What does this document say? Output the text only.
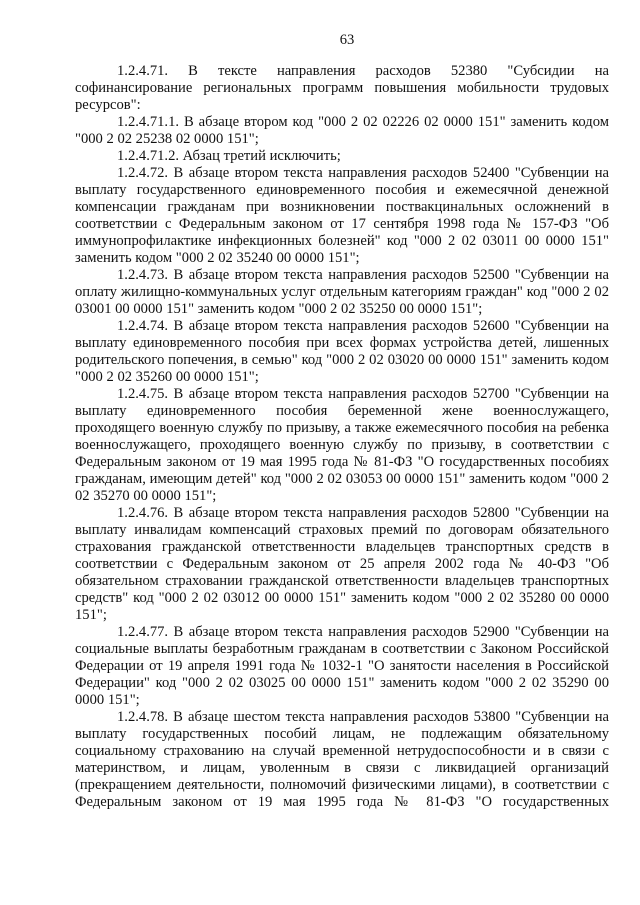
63

1.2.4.71. В тексте направления расходов 52380 "Субсидии на софинансирование региональных программ повышения мобильности трудовых ресурсов":

1.2.4.71.1. В абзаце втором код "000 2 02 02226 02 0000 151" заменить кодом "000 2 02 25238 02 0000 151";

1.2.4.71.2. Абзац третий исключить;

1.2.4.72. В абзаце втором текста направления расходов 52400 "Субвенции на выплату государственного единовременного пособия и ежемесячной денежной компенсации гражданам при возникновении поствакцинальных осложнений в соответствии с Федеральным законом от 17 сентября 1998 года № 157-ФЗ "Об иммунопрофилактике инфекционных болезней" код "000 2 02 03011 00 0000 151" заменить кодом "000 2 02 35240 00 0000 151";

1.2.4.73. В абзаце втором текста направления расходов 52500 "Субвенции на оплату жилищно-коммунальных услуг отдельным категориям граждан" код "000 2 02 03001 00 0000 151" заменить кодом "000 2 02 35250 00 0000 151";

1.2.4.74. В абзаце втором текста направления расходов 52600 "Субвенции на выплату единовременного пособия при всех формах устройства детей, лишенных родительского попечения, в семью" код "000 2 02 03020 00 0000 151" заменить кодом "000 2 02 35260 00 0000 151";

1.2.4.75. В абзаце втором текста направления расходов 52700 "Субвенции на выплату единовременного пособия беременной жене военнослужащего, проходящего военную службу по призыву, а также ежемесячного пособия на ребенка военнослужащего, проходящего военную службу по призыву, в соответствии с Федеральным законом от 19 мая 1995 года № 81-ФЗ "О государственных пособиях гражданам, имеющим детей" код "000 2 02 03053 00 0000 151" заменить кодом "000 2 02 35270 00 0000 151";

1.2.4.76. В абзаце втором текста направления расходов 52800 "Субвенции на выплату инвалидам компенсаций страховых премий по договорам обязательного страхования гражданской ответственности владельцев транспортных средств в соответствии с Федеральным законом от 25 апреля 2002 года № 40-ФЗ "Об обязательном страховании гражданской ответственности владельцев транспортных средств" код "000 2 02 03012 00 0000 151" заменить кодом "000 2 02 35280 00 0000 151";

1.2.4.77. В абзаце втором текста направления расходов 52900 "Субвенции на социальные выплаты безработным гражданам в соответствии с Законом Российской Федерации от 19 апреля 1991 года № 1032-1 "О занятости населения в Российской Федерации" код "000 2 02 03025 00 0000 151" заменить кодом "000 2 02 35290 00 0000 151";

1.2.4.78. В абзаце шестом текста направления расходов 53800 "Субвенции на выплату государственных пособий лицам, не подлежащим обязательному социальному страхованию на случай временной нетрудоспособности и в связи с материнством, и лицам, уволенным в связи с ликвидацией организаций (прекращением деятельности, полномочий физическими лицами), в соответствии с Федеральным законом от 19 мая 1995 года № 81-ФЗ "О государственных
